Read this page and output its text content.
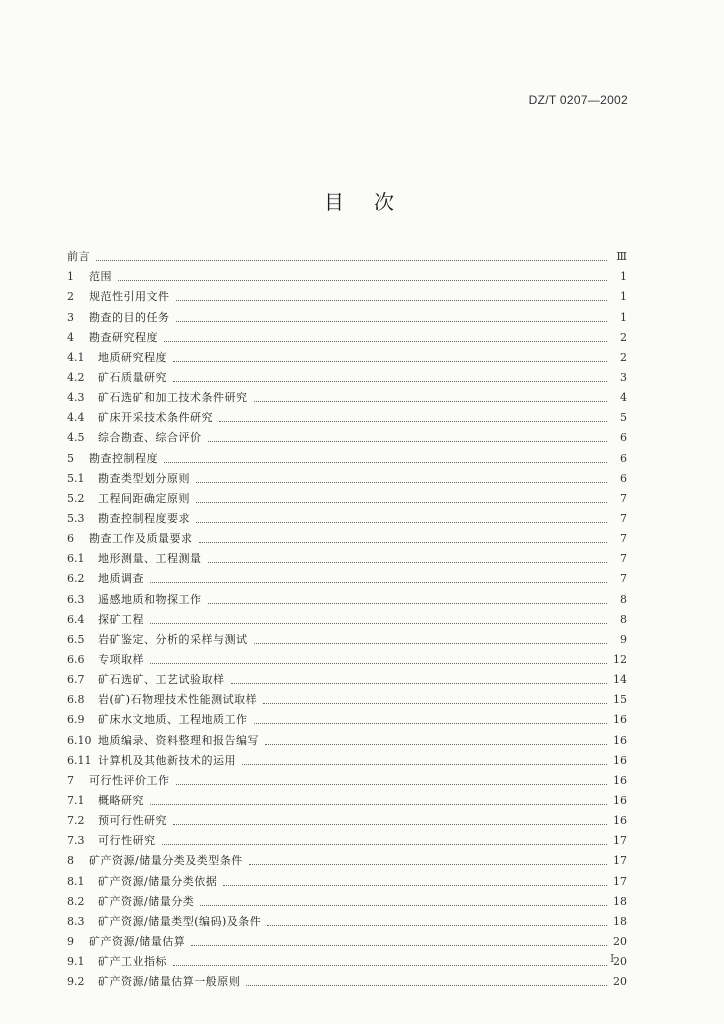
DZ/T 0207—2002
目次
前言	Ⅲ
1	范围	1
2	规范性引用文件	1
3	勘查的目的任务	1
4	勘查研究程度	2
4.1	地质研究程度	2
4.2	矿石质量研究	3
4.3	矿石选矿和加工技术条件研究	4
4.4	矿床开采技术条件研究	5
4.5	综合勘查、综合评价	6
5	勘查控制程度	6
5.1	勘查类型划分原则	6
5.2	工程间距确定原则	7
5.3	勘查控制程度要求	7
6	勘查工作及质量要求	7
6.1	地形测量、工程测量	7
6.2	地质调查	7
6.3	遥感地质和物探工作	8
6.4	探矿工程	8
6.5	岩矿鉴定、分析的采样与测试	9
6.6	专项取样	12
6.7	矿石选矿、工艺试验取样	14
6.8	岩(矿)石物理技术性能测试取样	15
6.9	矿床水文地质、工程地质工作	16
6.10 地质编录、资料整理和报告编写	16
6.11 计算机及其他新技术的运用	16
7	可行性评价工作	16
7.1	概略研究	16
7.2	预可行性研究	16
7.3	可行性研究	17
8	矿产资源/储量分类及类型条件	17
8.1	矿产资源/储量分类依据	17
8.2	矿产资源/储量分类	18
8.3	矿产资源/储量类型(编码)及条件	18
9	矿产资源/储量估算	20
9.1	矿产工业指标	20
9.2	矿产资源/储量估算一般原则	20
I
